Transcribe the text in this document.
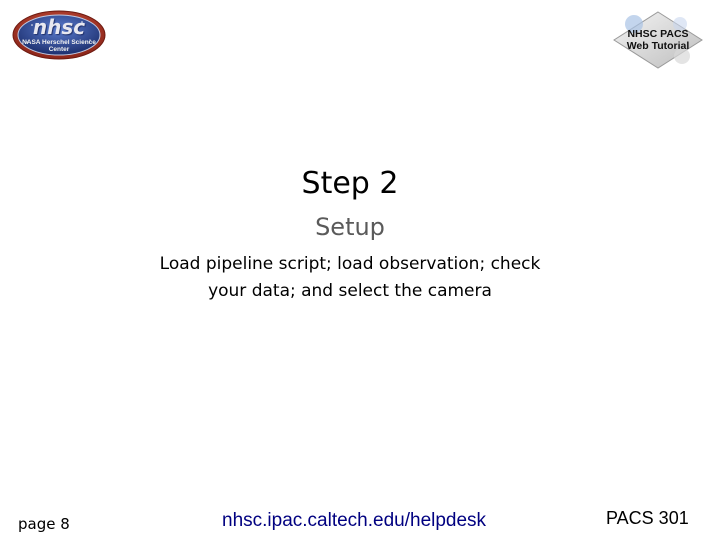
nhsc
NASA Herschel Science Center
NHSC PACS
Web Tutorial
Step 2
Setup
Load pipeline script; load observation; check
your data; and select the camera
page 8	nhsc.ipac.caltech.edu/helpdesk	PACS 301
